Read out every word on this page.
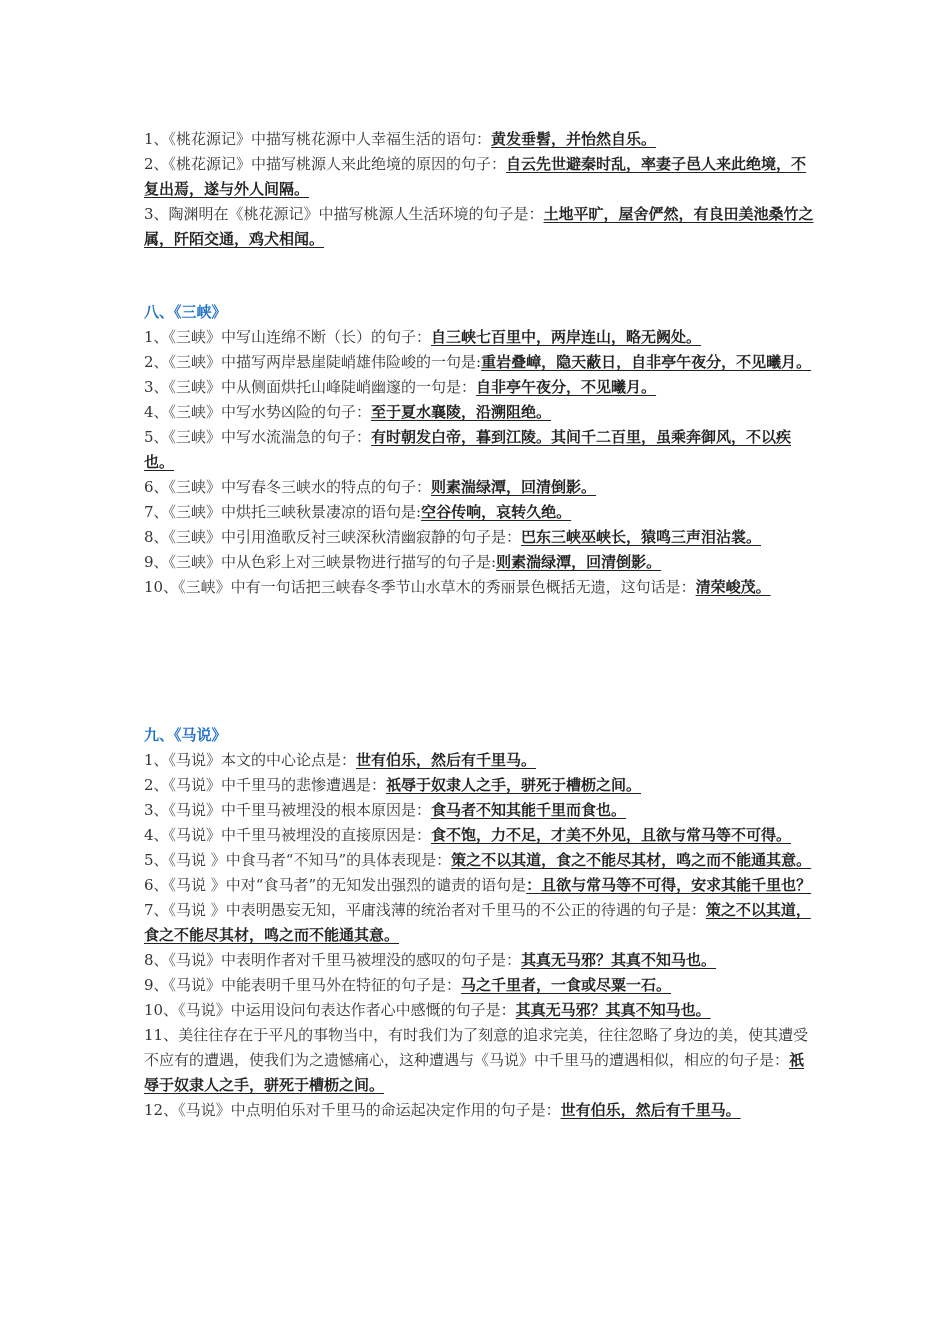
1、《桃花源记》中描写桃花源中人幸福生活的语句：黄发垂髫，并怡然自乐。

2、《桃花源记》中描写桃源人来此绝境的原因的句子：自云先世避秦时乱，率妻子邑人来此绝境，不复出焉，遂与外人间隔。

3、陶渊明在《桃花源记》中描写桃源人生活环境的句子是：土地平旷，屋舍俨然，有良田美池桑竹之属，阡陌交通，鸡犬相闻。

八、《三峡》

1、《三峡》中写山连绵不断（长）的句子：自三峡七百里中，两岸连山，略无阙处。

2、《三峡》中描写两岸悬崖陡峭雄伟险峻的一句是:重岩叠嶂，隐天蔽日，自非亭午夜分，不见曦月。

3、《三峡》中从侧面烘托山峰陡峭幽邃的一句是：自非亭午夜分，不见曦月。

4、《三峡》中写水势凶险的句子：至于夏水襄陵，沿溯阻绝。

5、《三峡》中写水流湍急的句子：有时朝发白帝，暮到江陵。其间千二百里，虽乘奔御风，不以疾也。

6、《三峡》中写春冬三峡水的特点的句子：则素湍绿潭，回清倒影。

7、《三峡》中烘托三峡秋景凄凉的语句是:空谷传响，哀转久绝。

8、《三峡》中引用渔歌反衬三峡深秋清幽寂静的句子是：巴东三峡巫峡长，猿鸣三声泪沾裳。

9、《三峡》中从色彩上对三峡景物进行描写的句子是:则素湍绿潭，回清倒影。

10、《三峡》中有一句话把三峡春冬季节山水草木的秀丽景色概括无遗，这句话是：清荣峻茂。

九、《马说》

1、《马说》本文的中心论点是：世有伯乐，然后有千里马。

2、《马说》中千里马的悲惨遭遇是：祇辱于奴隶人之手，骈死于槽枥之间。

3、《马说》中千里马被埋没的根本原因是：食马者不知其能千里而食也。

4、《马说》中千里马被埋没的直接原因是：食不饱，力不足，才美不外见，且欲与常马等不可得。

5、《马说 》中食马者“不知马”的具体表现是：策之不以其道，食之不能尽其材，鸣之而不能通其意。

6、《马说 》中对“食马者”的无知发出强烈的谴责的语句是：且欲与常马等不可得，安求其能千里也？

7、《马说 》中表明愚妄无知，平庸浅薄的统治者对千里马的不公正的待遇的句子是：策之不以其道，食之不能尽其材，鸣之而不能通其意。

8、《马说》中表明作者对千里马被埋没的感叹的句子是：其真无马邪？其真不知马也。

9、《马说》中能表明千里马外在特征的句子是：马之千里者，一食或尽粟一石。

10、《马说》中运用设问句表达作者心中感慨的句子是：其真无马邪？其真不知马也。

11、美往往存在于平凡的事物当中，有时我们为了刻意的追求完美，往往忽略了身边的美，使其遭受不应有的遭遇，使我们为之遗憾痛心，这种遭遇与《马说》中千里马的遭遇相似，相应的句子是：祇辱于奴隶人之手，骈死于槽枥之间。

12、《马说》中点明伯乐对千里马的命运起决定作用的句子是：世有伯乐，然后有千里马。
